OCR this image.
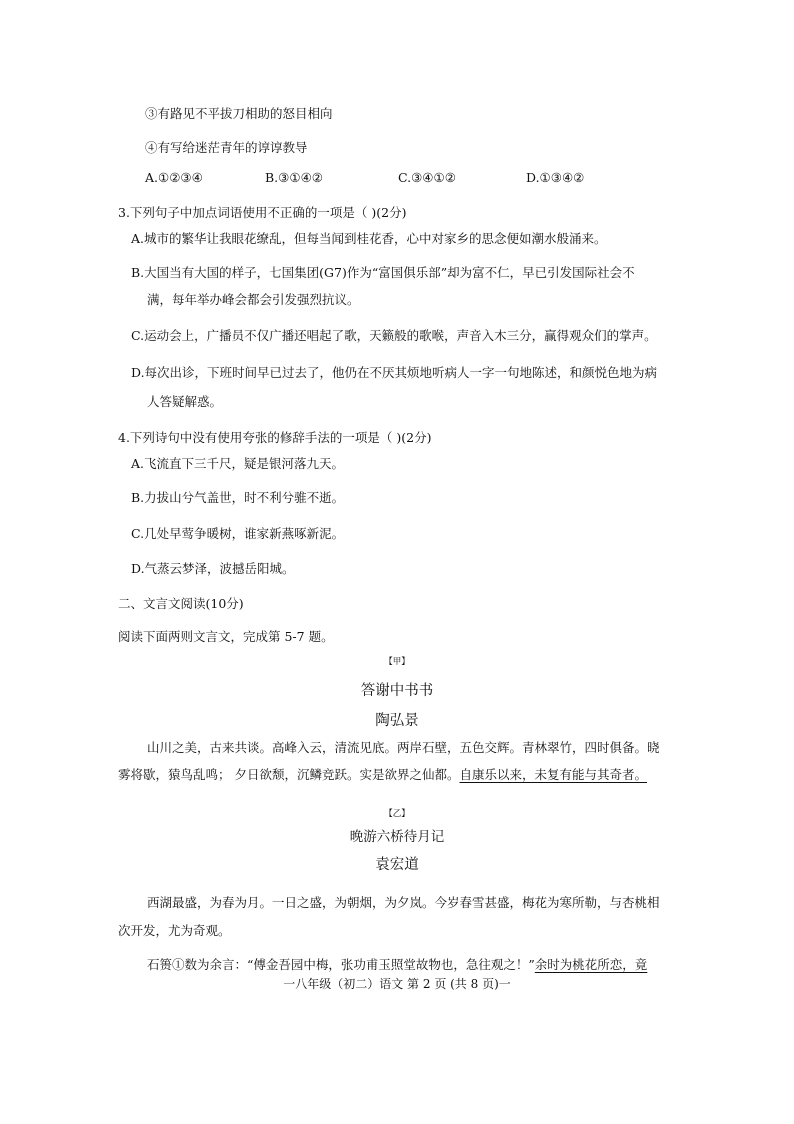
③有路见不平拔刀相助的怒目相向
④有写给迷茫青年的谆谆教导
A.①②③④	B.③①④②	C.③④①②	D.①③④②
3.下列句子中加点词语使用不正确的一项是（ )(2分)
A.城市的繁华让我眼花缭乱，但每当闻到桂花香，心中对家乡的思念便如潮水般涌来。
B.大国当有大国的样子，七国集团(G7)作为“富国俱乐部”却为富不仁，早已引发国际社会不
满，每年举办峰会都会引发强烈抗议。
C.运动会上，广播员不仅广播还唱起了歌，天籁般的歌喉，声音入木三分，赢得观众们的掌声。
D.每次出诊，下班时间早已过去了，他仍在不厌其烦地听病人一字一句地陈述，和颜悦色地为病
人答疑解惑。
4.下列诗句中没有使用夸张的修辞手法的一项是（ )(2分)
A.飞流直下三千尺，疑是银河落九天。
B.力拔山兮气盖世，时不利兮骓不逝。
C.几处早莺争暖树，谁家新燕啄新泥。
D.气蒸云梦泽，波撼岳阳城。
二、文言文阅读(10分)
阅读下面两则文言文，完成第 5-7 题。
【甲】
答谢中书书
陶弘景
山川之美，古来共谈。高峰入云，清流见底。两岸石壁，五色交辉。青林翠竹，四时俱备。晓
雾将歇，猿鸟乱鸣； 夕日欲颓，沉鳞竞跃。实是欲界之仙都。自康乐以来，未复有能与其奇者。
【乙】
晚游六桥待月记
袁宏道
西湖最盛，为春为月。一日之盛，为朝烟，为夕岚。今岁春雪甚盛，梅花为寒所勒，与杏桃相
次开发，尤为奇观。
石篑①数为余言：“傅金吾园中梅，张功甫玉照堂故物也，急往观之！”余时为桃花所恋，竟
一八年级（初二）语文 第 2 页 (共 8 页)一
